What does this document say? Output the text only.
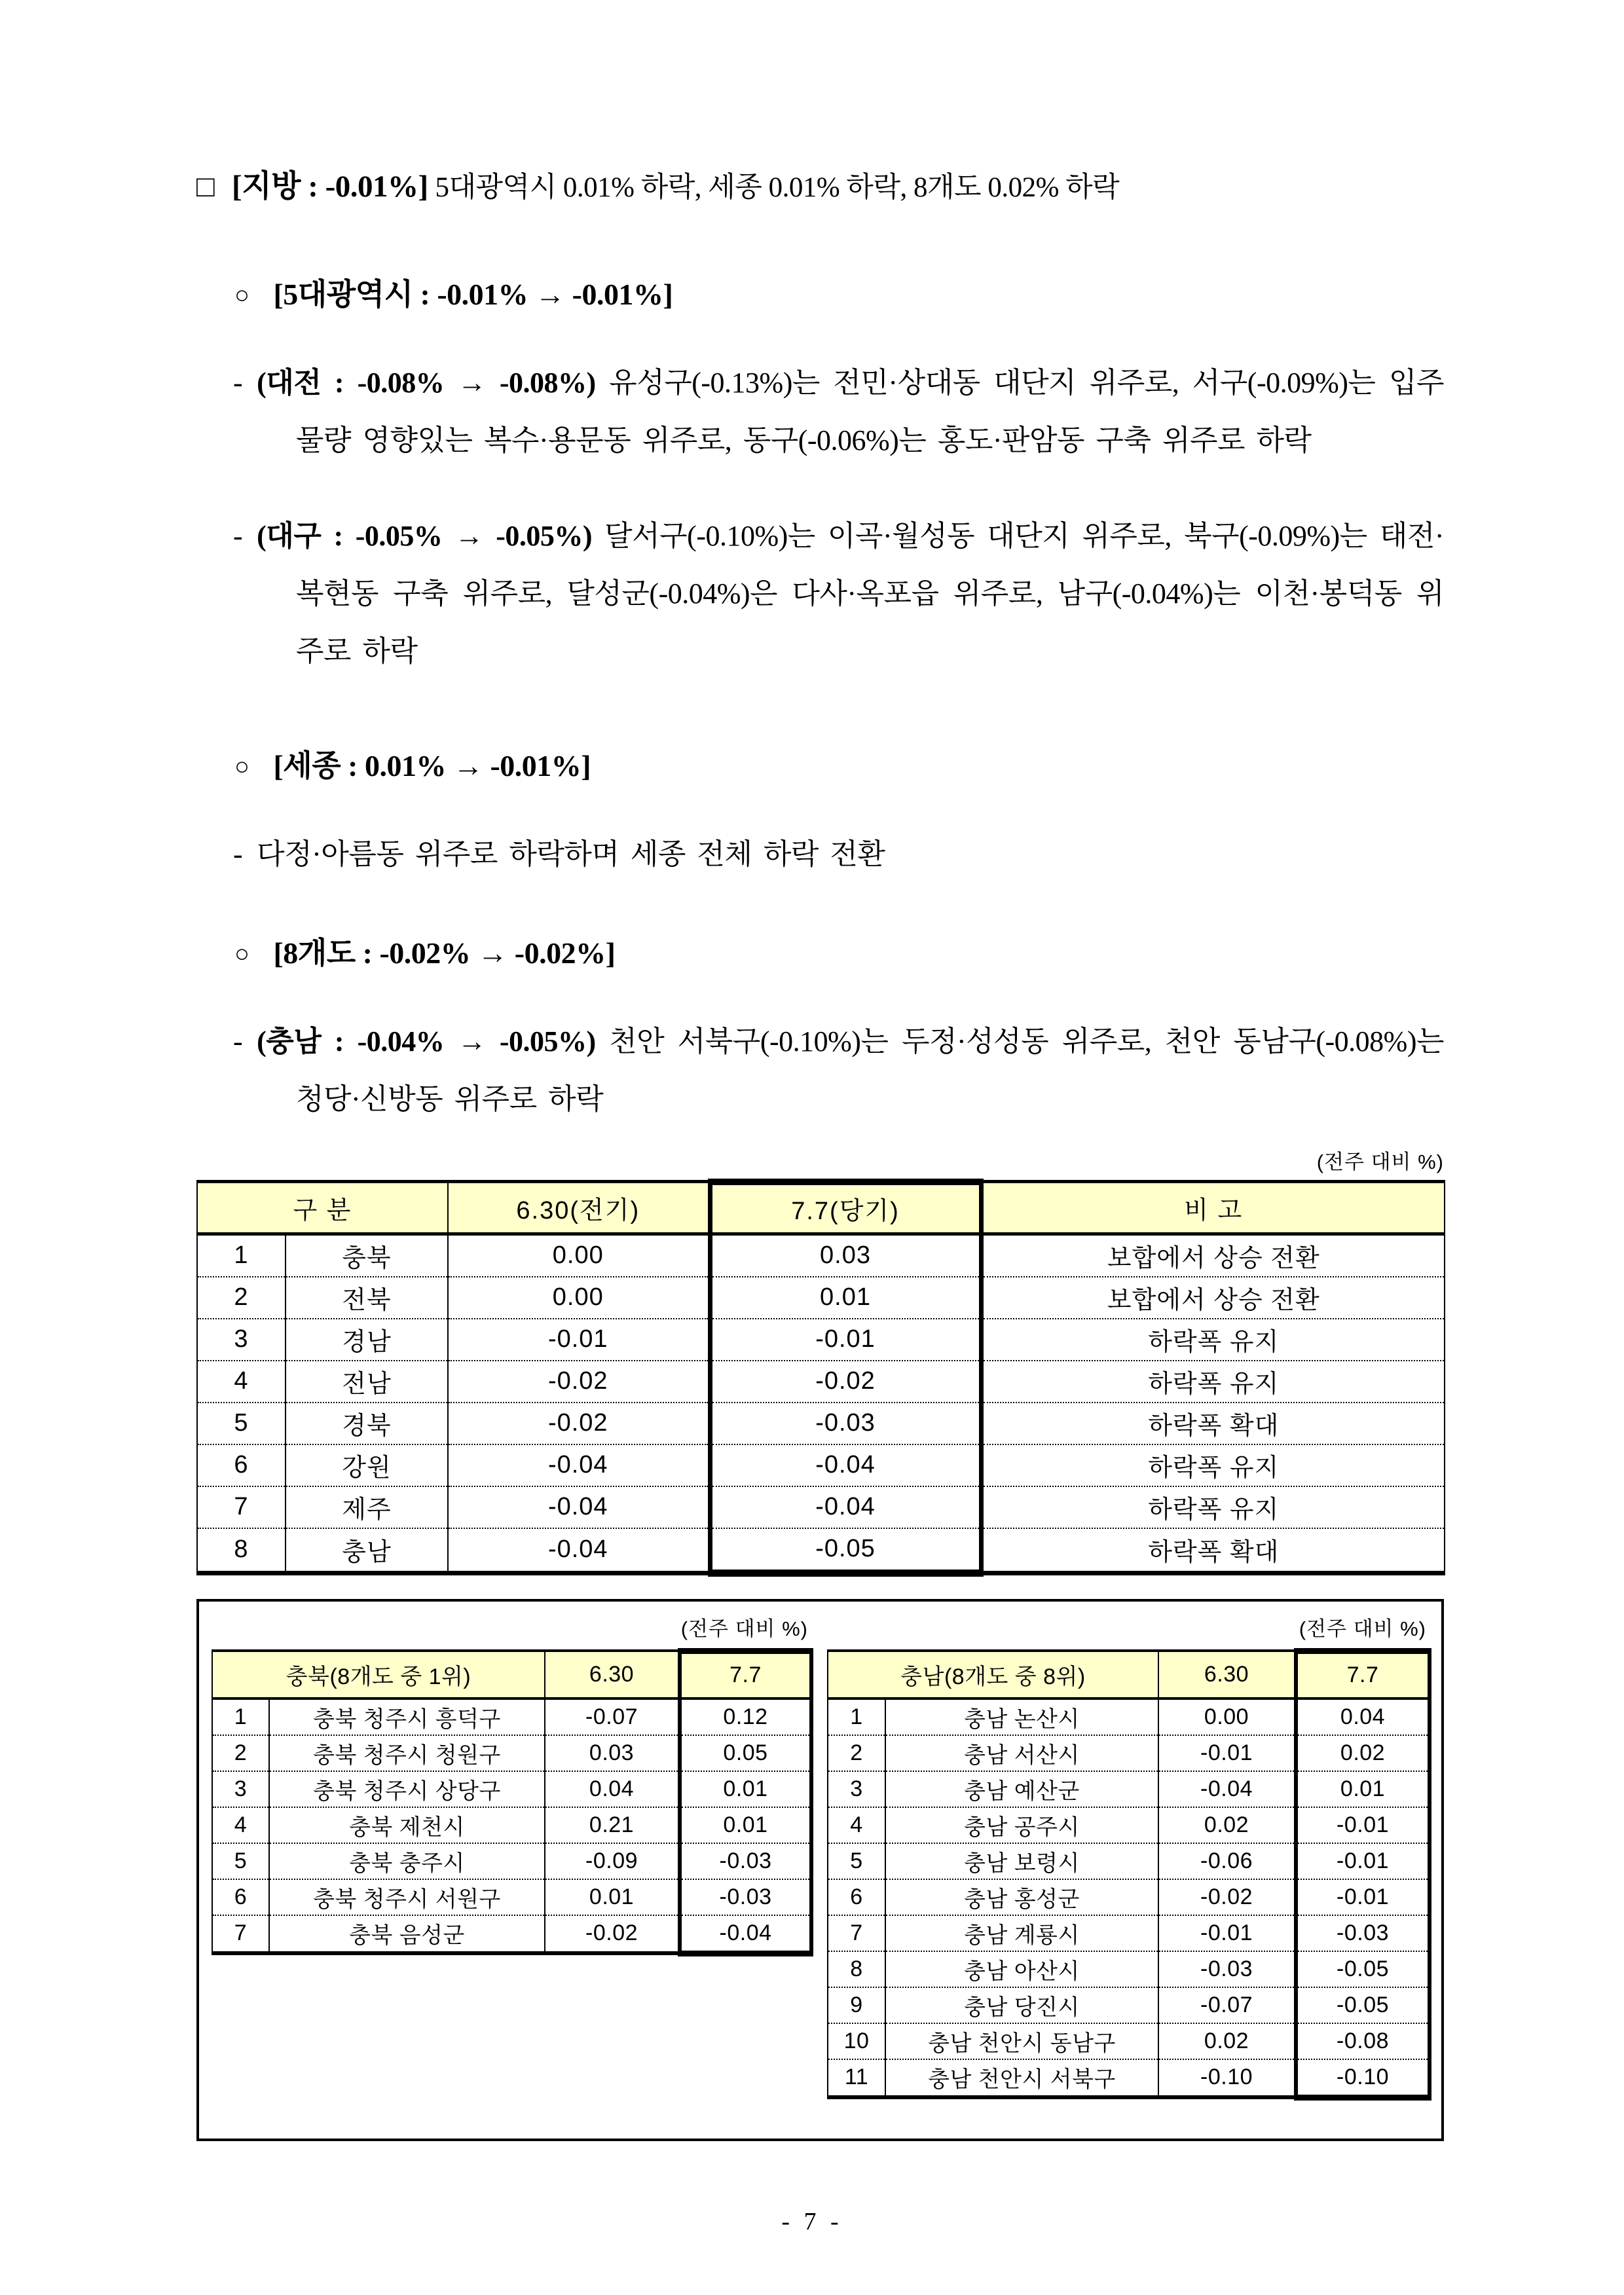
□ [지방 : -0.01%] 5대광역시 0.01% 하락, 세종 0.01% 하락, 8개도 0.02% 하락
○ [5대광역시 : -0.01% → -0.01%]

- (대전 : -0.08% → -0.08%) 유성구(-0.13%)는 전민·상대동 대단지 위주로, 서구(-0.09%)는 입주물량 영향있는 복수·용문동 위주로, 동구(-0.06%)는 홍도·판암동 구축 위주로 하락

- (대구 : -0.05% → -0.05%) 달서구(-0.10%)는 이곡·월성동 대단지 위주로, 북구(-0.09%)는 태전·복현동 구축 위주로, 달성군(-0.04%)은 다사·옥포읍 위주로, 남구(-0.04%)는 이천·봉덕동 위주로 하락

○ [세종 : 0.01% → -0.01%]

- 다정·아름동 위주로 하락하며 세종 전체 하락 전환

○ [8개도 : -0.02% → -0.02%]

- (충남 : -0.04% → -0.05%) 천안 서북구(-0.10%)는 두정·성성동 위주로, 천안 동남구(-0.08%)는 청당·신방동 위주로 하락

(전주 대비 %)
구 분		6.30(전기)	7.7(당기)	비 고
1	충북	0.00	0.03	보합에서 상승 전환
2	전북	0.00	0.01	보합에서 상승 전환
3	경남	-0.01	-0.01	하락폭 유지
4	전남	-0.02	-0.02	하락폭 유지
5	경북	-0.02	-0.03	하락폭 확대
6	강원	-0.04	-0.04	하락폭 유지
7	제주	-0.04	-0.04	하락폭 유지
8	충남	-0.04	-0.05	하락폭 확대
(전주 대비 %)
충북(8개도 중 1위)		6.30	7.7
1	충북 청주시 흥덕구	-0.07	0.12
2	충북 청주시 청원구	0.03	0.05
3	충북 청주시 상당구	0.04	0.01
4	충북 제천시	0.21	0.01
5	충북 충주시	-0.09	-0.03
6	충북 청주시 서원구	0.01	-0.03
7	충북 음성군	-0.02	-0.04
(전주 대비 %)
충남(8개도 중 8위)		6.30	7.7
1	충남 논산시	0.00	0.04
2	충남 서산시	-0.01	0.02
3	충남 예산군	-0.04	0.01
4	충남 공주시	0.02	-0.01
5	충남 보령시	-0.06	-0.01
6	충남 홍성군	-0.02	-0.01
7	충남 계룡시	-0.01	-0.03
8	충남 아산시	-0.03	-0.05
9	충남 당진시	-0.07	-0.05
10	충남 천안시 동남구	0.02	-0.08
11	충남 천안시 서북구	-0.10	-0.10
- 7 -
